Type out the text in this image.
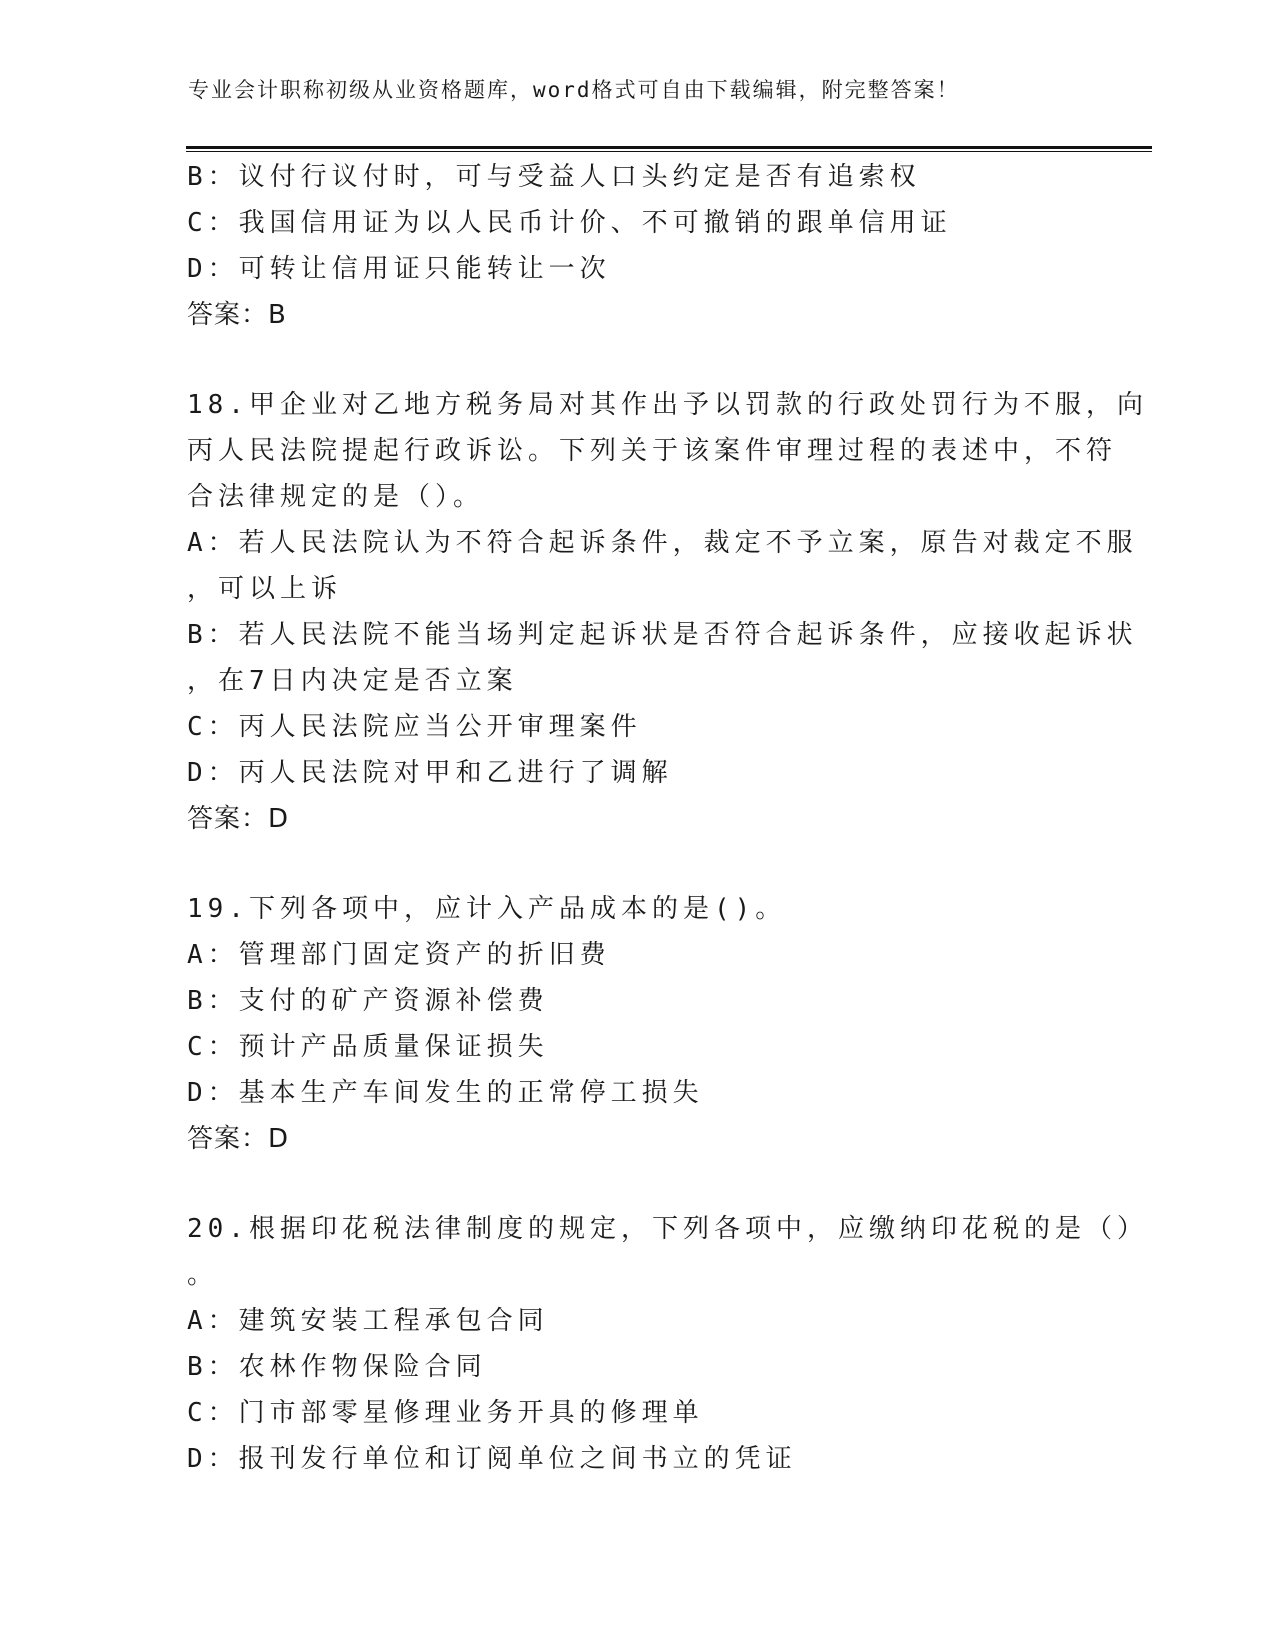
专业会计职称初级从业资格题库，word格式可自由下载编辑，附完整答案！
B：议付行议付时，可与受益人口头约定是否有追索权
C：我国信用证为以人民币计价、不可撤销的跟单信用证
D：可转让信用证只能转让一次
答案：B
18.甲企业对乙地方税务局对其作出予以罚款的行政处罚行为不服，向
丙人民法院提起行政诉讼。下列关于该案件审理过程的表述中，不符
合法律规定的是（）。
A：若人民法院认为不符合起诉条件，裁定不予立案，原告对裁定不服
，可以上诉
B：若人民法院不能当场判定起诉状是否符合起诉条件，应接收起诉状
，在7日内决定是否立案
C：丙人民法院应当公开审理案件
D：丙人民法院对甲和乙进行了调解
答案：D
19.下列各项中，应计入产品成本的是()。
A：管理部门固定资产的折旧费
B：支付的矿产资源补偿费
C：预计产品质量保证损失
D：基本生产车间发生的正常停工损失
答案：D
20.根据印花税法律制度的规定，下列各项中，应缴纳印花税的是（）
。
A：建筑安装工程承包合同
B：农林作物保险合同
C：门市部零星修理业务开具的修理单
D：报刊发行单位和订阅单位之间书立的凭证
